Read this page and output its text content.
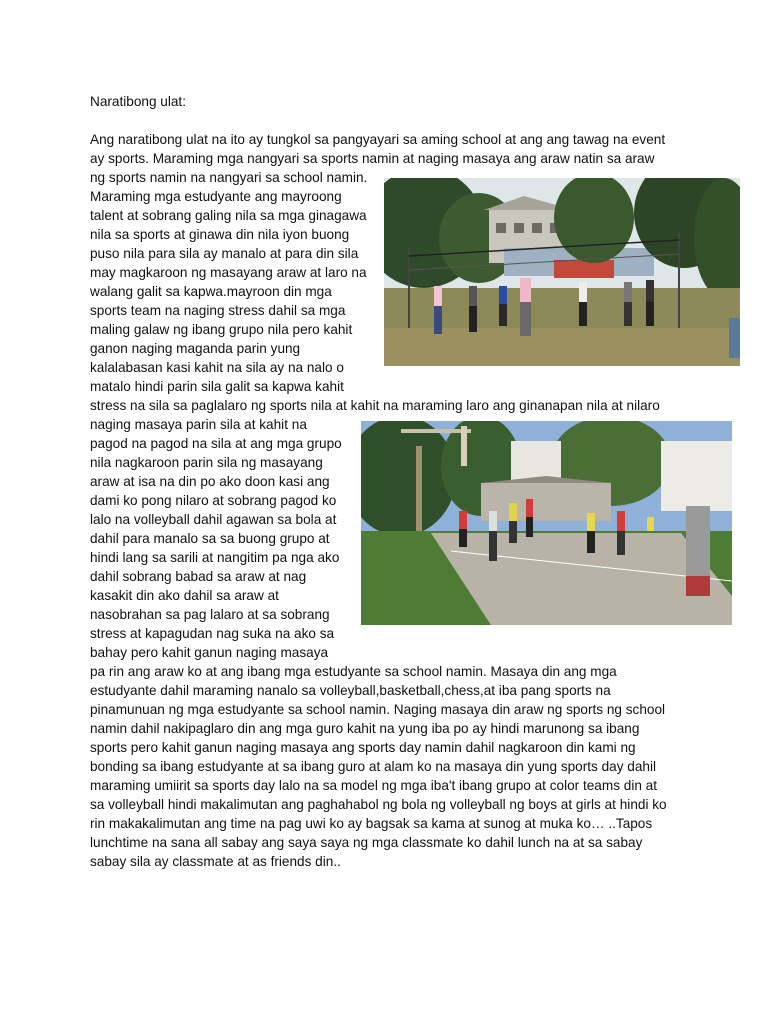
Naratibong ulat:
Ang naratibong ulat na ito ay tungkol sa pangyayari sa aming school at ang ang tawag na event
ay sports. Maraming mga nangyari sa sports namin at naging masaya ang araw natin sa araw
ng sports namin na nangyari sa school namin.
Maraming mga estudyante ang mayroong
talent at sobrang galing nila sa mga ginagawa
nila sa sports at ginawa din nila iyon buong
puso nila para sila ay manalo at para din sila
may magkaroon ng masayang araw at laro na
walang galit sa kapwa.mayroon din mga
sports team na naging stress dahil sa mga
maling galaw ng ibang grupo nila pero kahit
ganon naging maganda parin yung
kalalabasan kasi kahit na sila ay na nalo o
matalo hindi parin sila galit sa kapwa kahit
stress na sila sa paglalaro ng sports nila at kahit na maraming laro ang ginanapan nila at nilaro
naging masaya parin sila at kahit na
pagod na pagod na sila at ang mga grupo
nila nagkaroon parin sila ng masayang
araw at isa na din po ako doon kasi ang
dami ko pong nilaro at sobrang pagod ko
lalo na volleyball dahil agawan sa bola at
dahil para manalo sa sa buong grupo at
hindi lang sa sarili at nangitim pa nga ako
dahil sobrang babad sa araw at nag
kasakit din ako dahil sa araw at
nasobrahan sa pag lalaro at sa sobrang
stress at kapagudan nag suka na ako sa
bahay pero kahit ganun naging masaya
pa rin ang araw ko at ang ibang mga estudyante sa school namin. Masaya din ang mga
estudyante dahil maraming nanalo sa volleyball,basketball,chess,at iba pang sports na
pinamunuan ng mga estudyante sa school namin. Naging masaya din araw ng sports ng school
namin dahil nakipaglaro din ang mga guro kahit na yung iba po ay hindi marunong sa ibang
sports pero kahit ganun naging masaya ang sports day namin dahil nagkaroon din kami ng
bonding sa ibang estudyante at sa ibang guro at alam ko na masaya din yung sports day dahil
maraming umiirit sa sports day lalo na sa model ng mga iba't ibang grupo at color teams din at
sa volleyball hindi makalimutan ang paghahabol ng bola ng volleyball ng boys at girls at hindi ko
rin makakalimutan ang time na pag uwi ko ay bagsak sa kama at sunog at muka ko… ..Tapos
lunchtime na sana all sabay ang saya saya ng mga classmate ko dahil lunch na at sa sabay
sabay sila ay classmate at as friends din..
